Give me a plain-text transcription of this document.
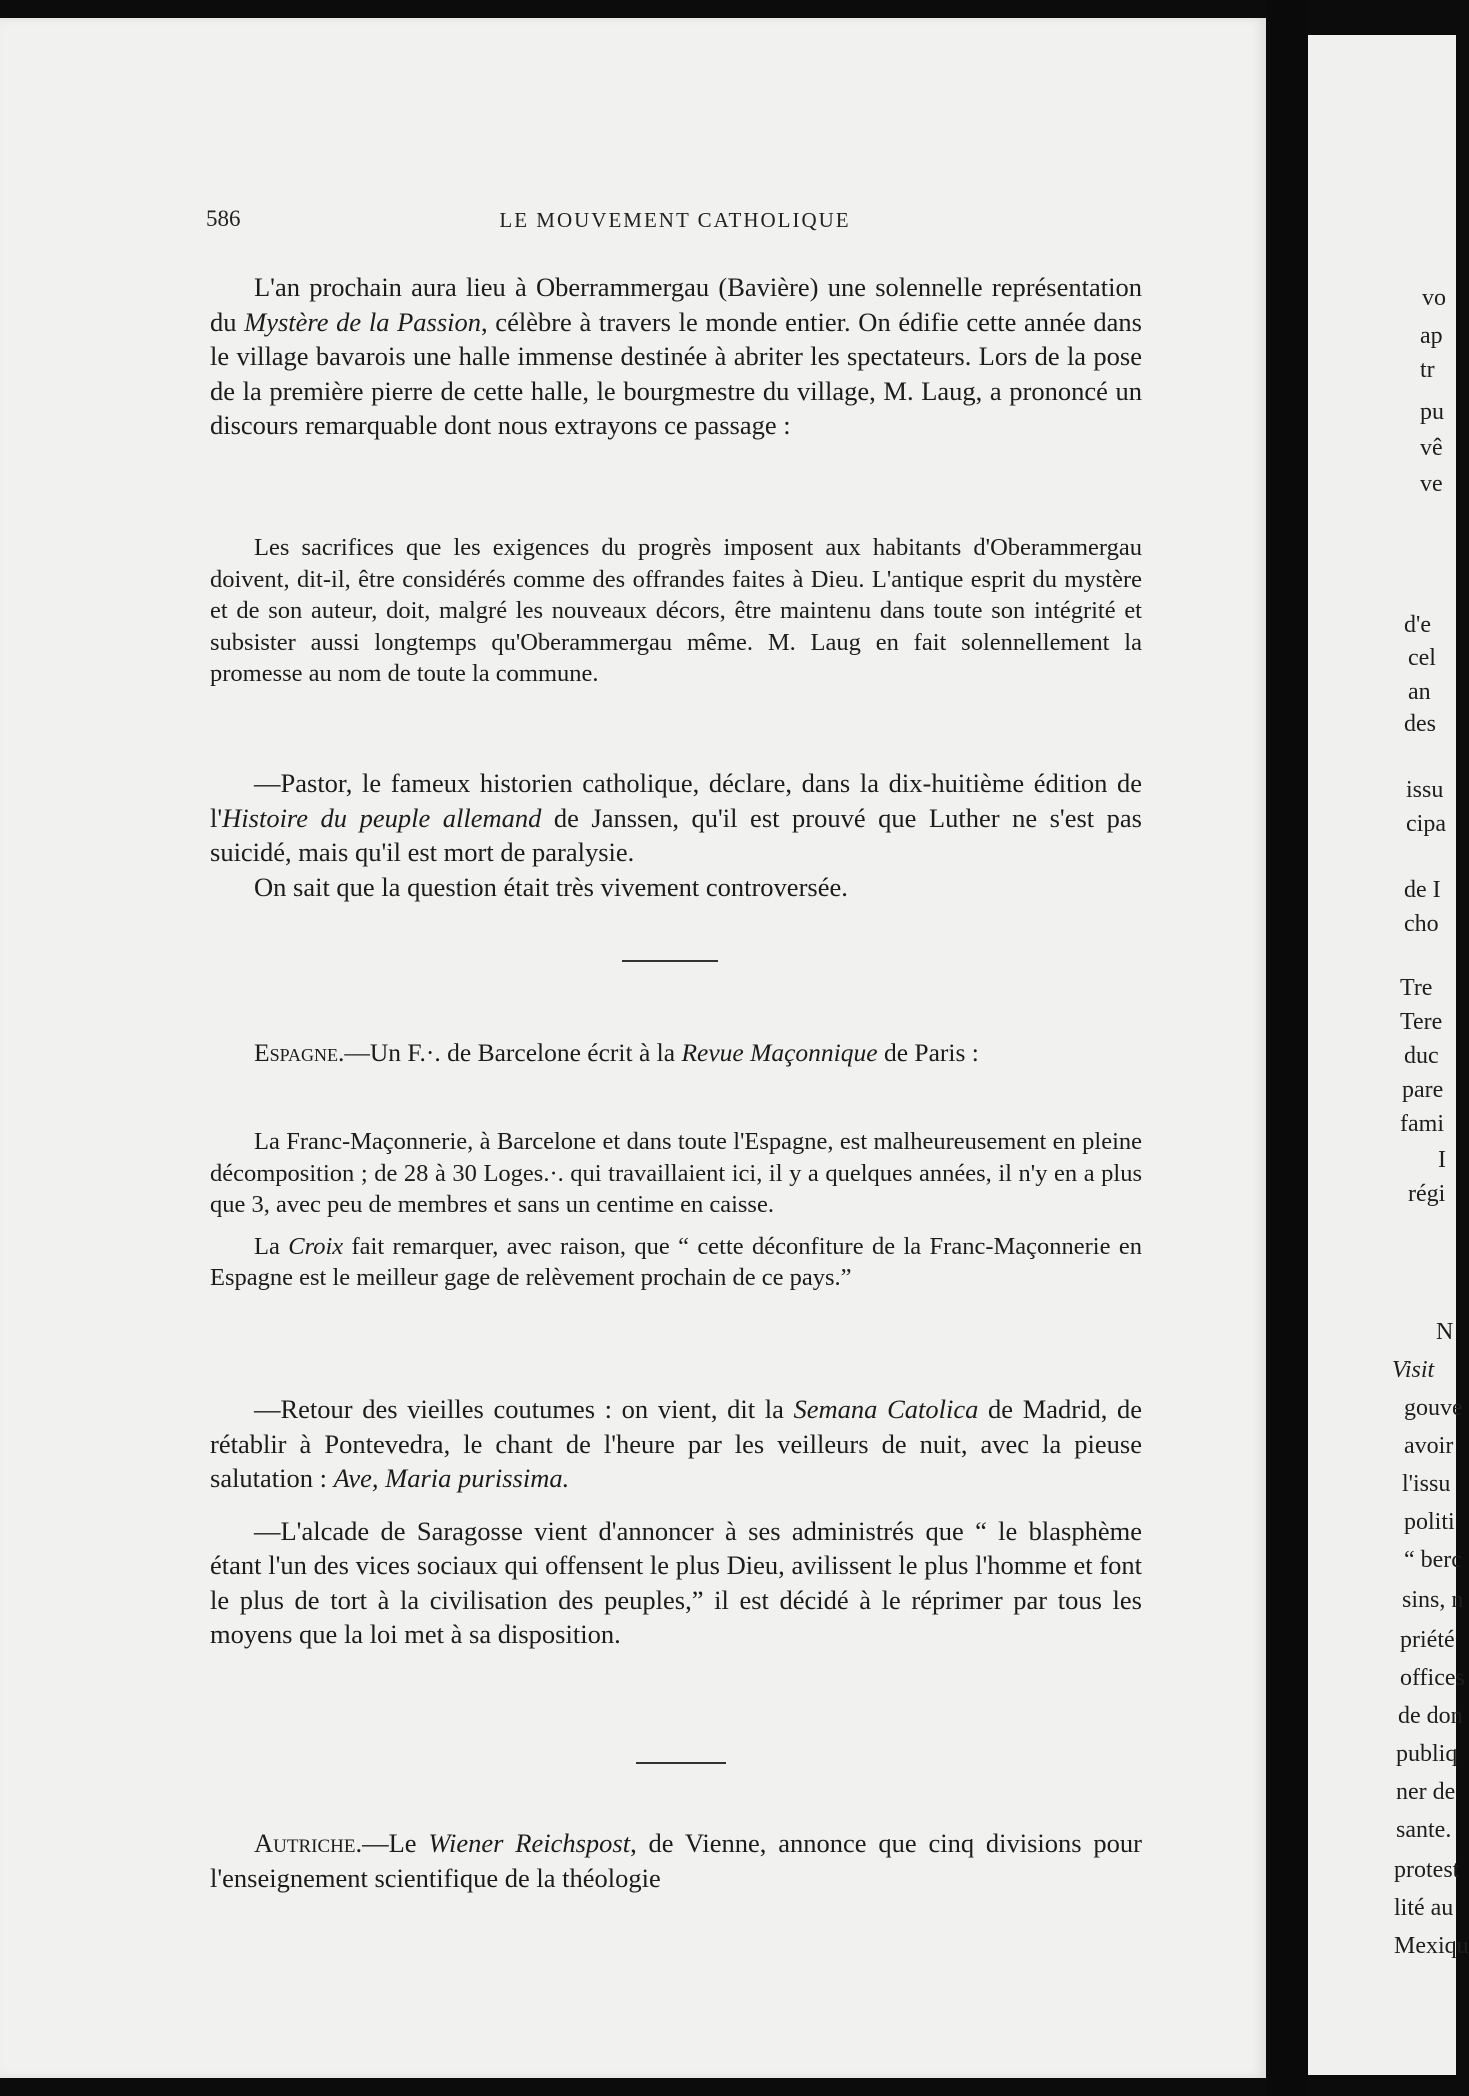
586	LE MOUVEMENT CATHOLIQUE

L'an prochain aura lieu à Oberrammergau (Bavière) une solennelle représentation du Mystère de la Passion, célèbre à travers le monde entier. On édifie cette année dans le village bavarois une halle immense destinée à abriter les spectateurs. Lors de la pose de la première pierre de cette halle, le bourgmestre du village, M. Laug, a prononcé un discours remarquable dont nous extrayons ce passage :

Les sacrifices que les exigences du progrès imposent aux habitants d'Oberammergau doivent, dit-il, être considérés comme des offrandes faites à Dieu. L'antique esprit du mystère et de son auteur, doit, malgré les nouveaux décors, être maintenu dans toute son intégrité et subsister aussi longtemps qu'Oberammergau même. M. Laug en fait solennellement la promesse au nom de toute la commune.

—Pastor, le fameux historien catholique, déclare, dans la dix-huitième édition de l'Histoire du peuple allemand de Janssen, qu'il est prouvé que Luther ne s'est pas suicidé, mais qu'il est mort de paralysie.

On sait que la question était très vivement controversée.

Espagne.—Un F.·. de Barcelone écrit à la Revue Maçonnique de Paris :

La Franc-Maçonnerie, à Barcelone et dans toute l'Espagne, est malheureusement en pleine décomposition ; de 28 à 30 Loges.·. qui travaillaient ici, il y a quelques années, il n'y en a plus que 3, avec peu de membres et sans un centime en caisse.

La Croix fait remarquer, avec raison, que “ cette déconfiture de la Franc-Maçonnerie en Espagne est le meilleur gage de relèvement prochain de ce pays.”

—Retour des vieilles coutumes : on vient, dit la Semana Catolica de Madrid, de rétablir à Pontevedra, le chant de l'heure par les veilleurs de nuit, avec la pieuse salutation : Ave, Maria purissima.

—L'alcade de Saragosse vient d'annoncer à ses administrés que “ le blasphème étant l'un des vices sociaux qui offensent le plus Dieu, avilissent le plus l'homme et font le plus de tort à la civilisation des peuples,” il est décidé à le réprimer par tous les moyens que la loi met à sa disposition.

Autriche.—Le Wiener Reichspost, de Vienne, annonce que cinq divisions pour l'enseignement scientifique de la théologie

vo
ap
tr
pu
vê
ve
d'e
cel
an
des
issu
cipa
de I
cho
Tre
Tere
duc
pare
fami
I
régi
N
Visit
gouve
avoir
l'issu
politi
“ berc
sins, n
priété
offices
de don
publiq
ner de
sante.
protest
lité au
Mexiqu
